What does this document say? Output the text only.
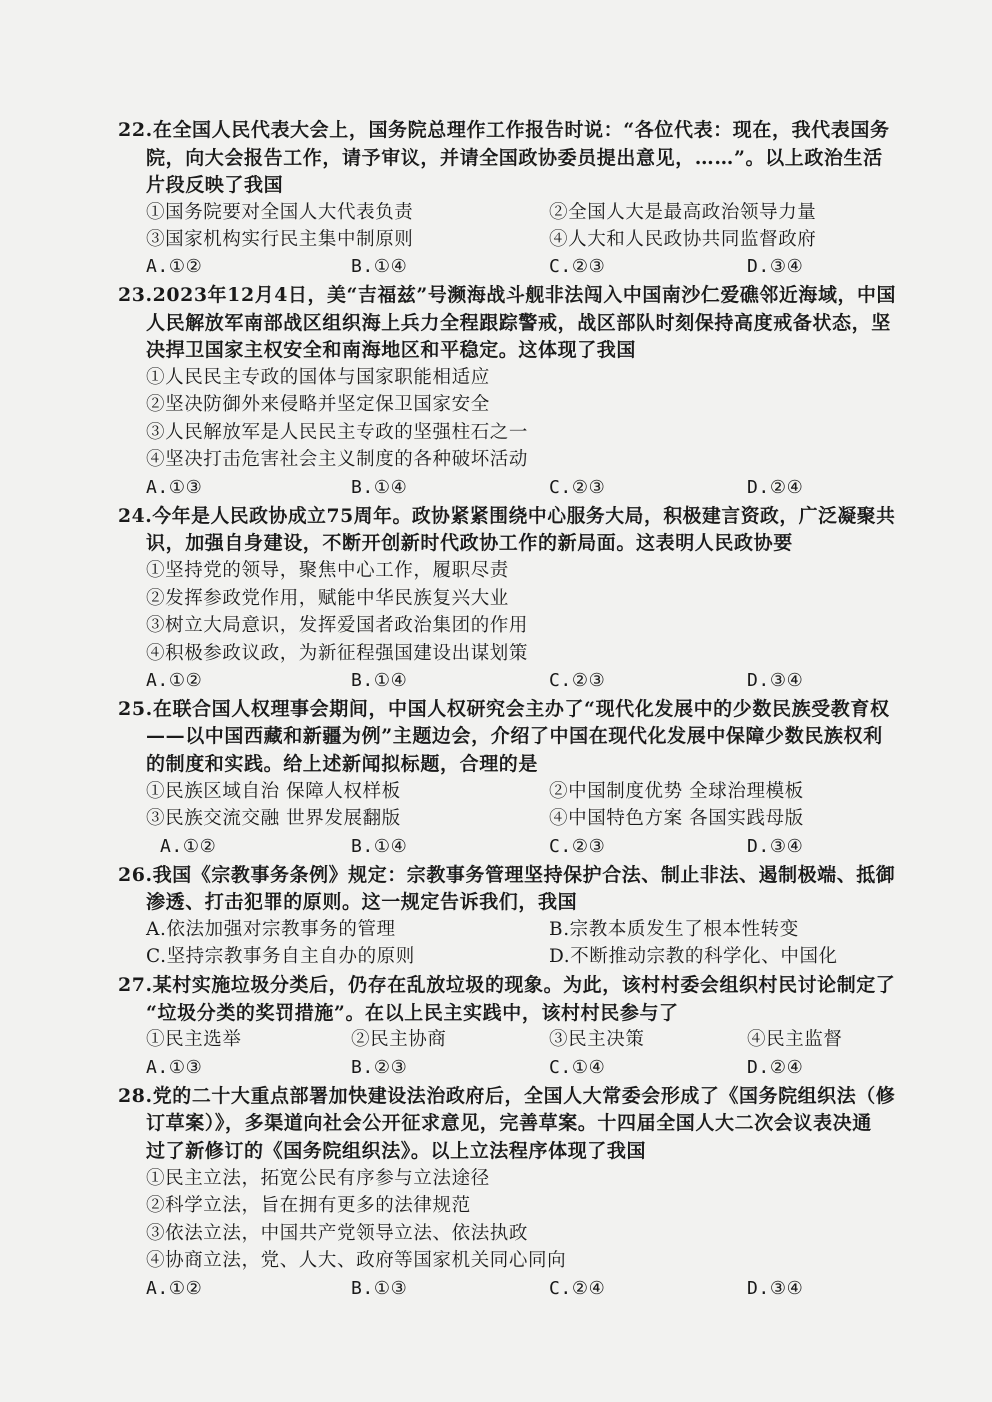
22.在全国人民代表大会上，国务院总理作工作报告时说：“各位代表：现在，我代表国务
院，向大会报告工作，请予审议，并请全国政协委员提出意见，……”。以上政治生活
片段反映了我国
①国务院要对全国人大代表负责	②全国人大是最高政治领导力量
③国家机构实行民主集中制原则	④人大和人民政协共同监督政府
A.①②	B.①④	C.②③	D.③④
23.2023年12月4日，美“吉福兹”号濒海战斗舰非法闯入中国南沙仁爱礁邻近海域，中国
人民解放军南部战区组织海上兵力全程跟踪警戒，战区部队时刻保持高度戒备状态，坚
决捍卫国家主权安全和南海地区和平稳定。这体现了我国
①人民民主专政的国体与国家职能相适应
②坚决防御外来侵略并坚定保卫国家安全
③人民解放军是人民民主专政的坚强柱石之一
④坚决打击危害社会主义制度的各种破坏活动
A.①③	B.①④	C.②③	D.②④
24.今年是人民政协成立75周年。政协紧紧围绕中心服务大局，积极建言资政，广泛凝聚共
识，加强自身建设，不断开创新时代政协工作的新局面。这表明人民政协要
①坚持党的领导，聚焦中心工作，履职尽责
②发挥参政党作用，赋能中华民族复兴大业
③树立大局意识，发挥爱国者政治集团的作用
④积极参政议政，为新征程强国建设出谋划策
A.①②	B.①④	C.②③	D.③④
25.在联合国人权理事会期间，中国人权研究会主办了“现代化发展中的少数民族受教育权
——以中国西藏和新疆为例”主题边会，介绍了中国在现代化发展中保障少数民族权利
的制度和实践。给上述新闻拟标题，合理的是
①民族区域自治 保障人权样板	②中国制度优势 全球治理模板
③民族交流交融 世界发展翻版	④中国特色方案 各国实践母版
A.①②	B.①④	C.②③	D.③④
26.我国《宗教事务条例》规定：宗教事务管理坚持保护合法、制止非法、遏制极端、抵御
渗透、打击犯罪的原则。这一规定告诉我们，我国
A.依法加强对宗教事务的管理	B.宗教本质发生了根本性转变
C.坚持宗教事务自主自办的原则	D.不断推动宗教的科学化、中国化
27.某村实施垃圾分类后，仍存在乱放垃圾的现象。为此，该村村委会组织村民讨论制定了
“垃圾分类的奖罚措施”。在以上民主实践中，该村村民参与了
①民主选举	②民主协商	③民主决策	④民主监督
A.①③	B.②③	C.①④	D.②④
28.党的二十大重点部署加快建设法治政府后，全国人大常委会形成了《国务院组织法（修
订草案）》，多渠道向社会公开征求意见，完善草案。十四届全国人大二次会议表决通
过了新修订的《国务院组织法》。以上立法程序体现了我国
①民主立法，拓宽公民有序参与立法途径
②科学立法，旨在拥有更多的法律规范
③依法立法，中国共产党领导立法、依法执政
④协商立法，党、人大、政府等国家机关同心同向
A.①②	B.①③	C.②④	D.③④
